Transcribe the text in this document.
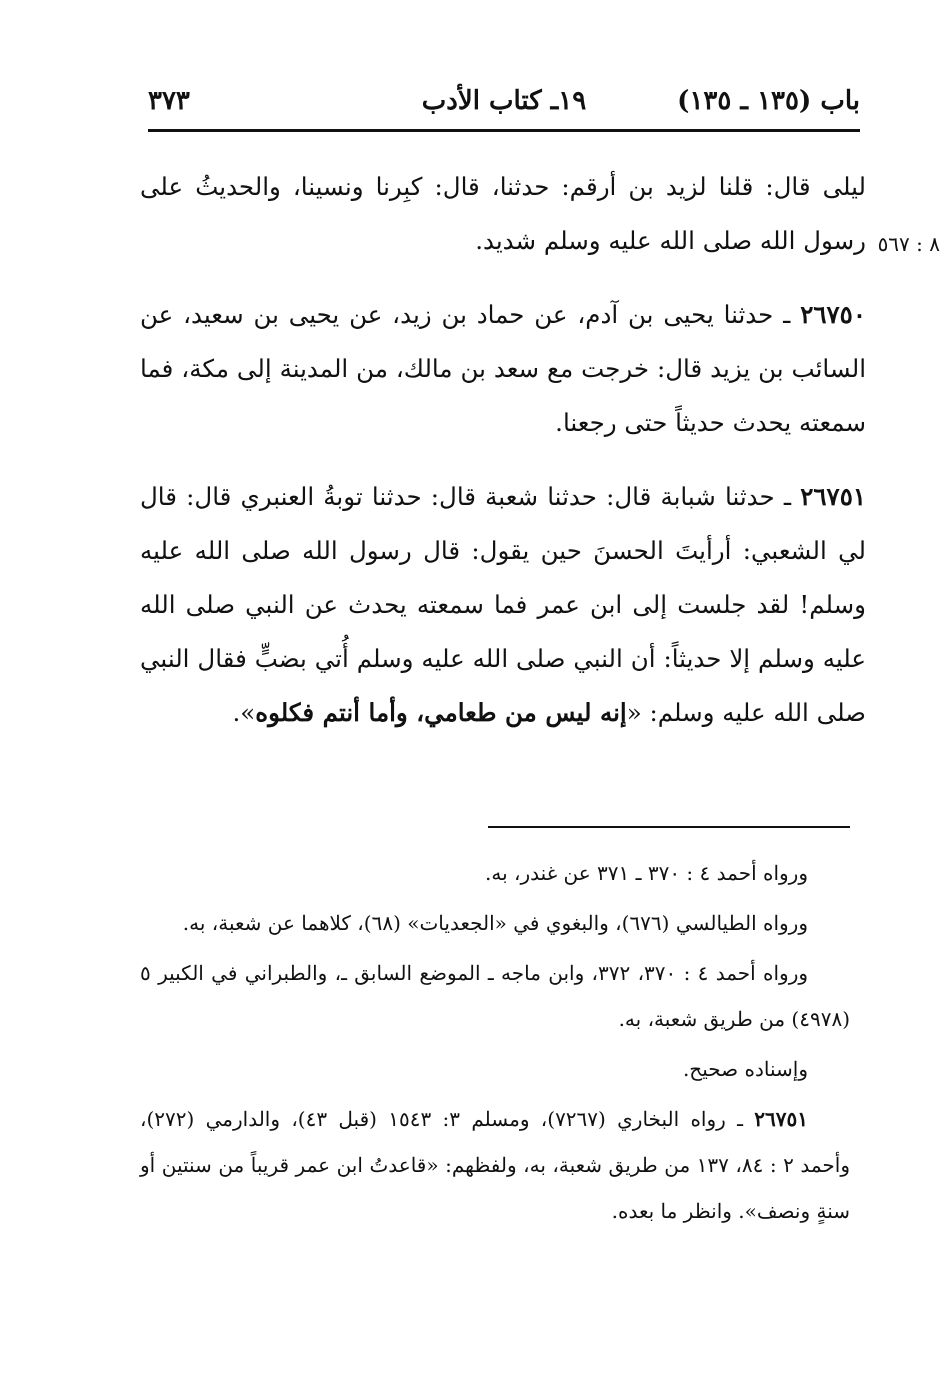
باب (١٣٥ ـ ١٣٥)
١٩ـ كتاب الأدب
٣٧٣
٨ : ٥٦٧

ليلى قال: قلنا لزيد بن أرقم: حدثنا، قال: كبِرنا ونسينا، والحديثُ على رسول الله صلى الله عليه وسلم شديد.

٢٦٧٥٠ ـ حدثنا يحيى بن آدم، عن حماد بن زيد، عن يحيى بن سعيد، عن السائب بن يزيد قال: خرجت مع سعد بن مالك، من المدينة إلى مكة، فما سمعته يحدث حديثاً حتى رجعنا.

٢٦٧٥١ ـ حدثنا شبابة قال: حدثنا شعبة قال: حدثنا توبةُ العنبري قال: قال لي الشعبي: أرأيتَ الحسنَ حين يقول: قال رسول الله صلى الله عليه وسلم! لقد جلست إلى ابن عمر فما سمعته يحدث عن النبي صلى الله عليه وسلم إلا حديثاً: أن النبي صلى الله عليه وسلم أُتي بضبٍّ فقال النبي صلى الله عليه وسلم: «إنه ليس من طعامي، وأما أنتم فكلوه».

ورواه أحمد ٤ : ٣٧٠ ـ ٣٧١ عن غندر، به.

ورواه الطيالسي (٦٧٦)، والبغوي في «الجعديات» (٦٨)، كلاهما عن شعبة، به.

ورواه أحمد ٤ : ٣٧٠، ٣٧٢، وابن ماجه ـ الموضع السابق ـ، والطبراني في الكبير ٥ (٤٩٧٨) من طريق شعبة، به.

وإسناده صحيح.

٢٦٧٥١ ـ رواه البخاري (٧٢٦٧)، ومسلم ٣: ١٥٤٣ (قبل ٤٣)، والدارمي (٢٧٢)، وأحمد ٢ : ٨٤، ١٣٧ من طريق شعبة، به، ولفظهم: «قاعدتُ ابن عمر قريباً من سنتين أو سنةٍ ونصف». وانظر ما بعده.
